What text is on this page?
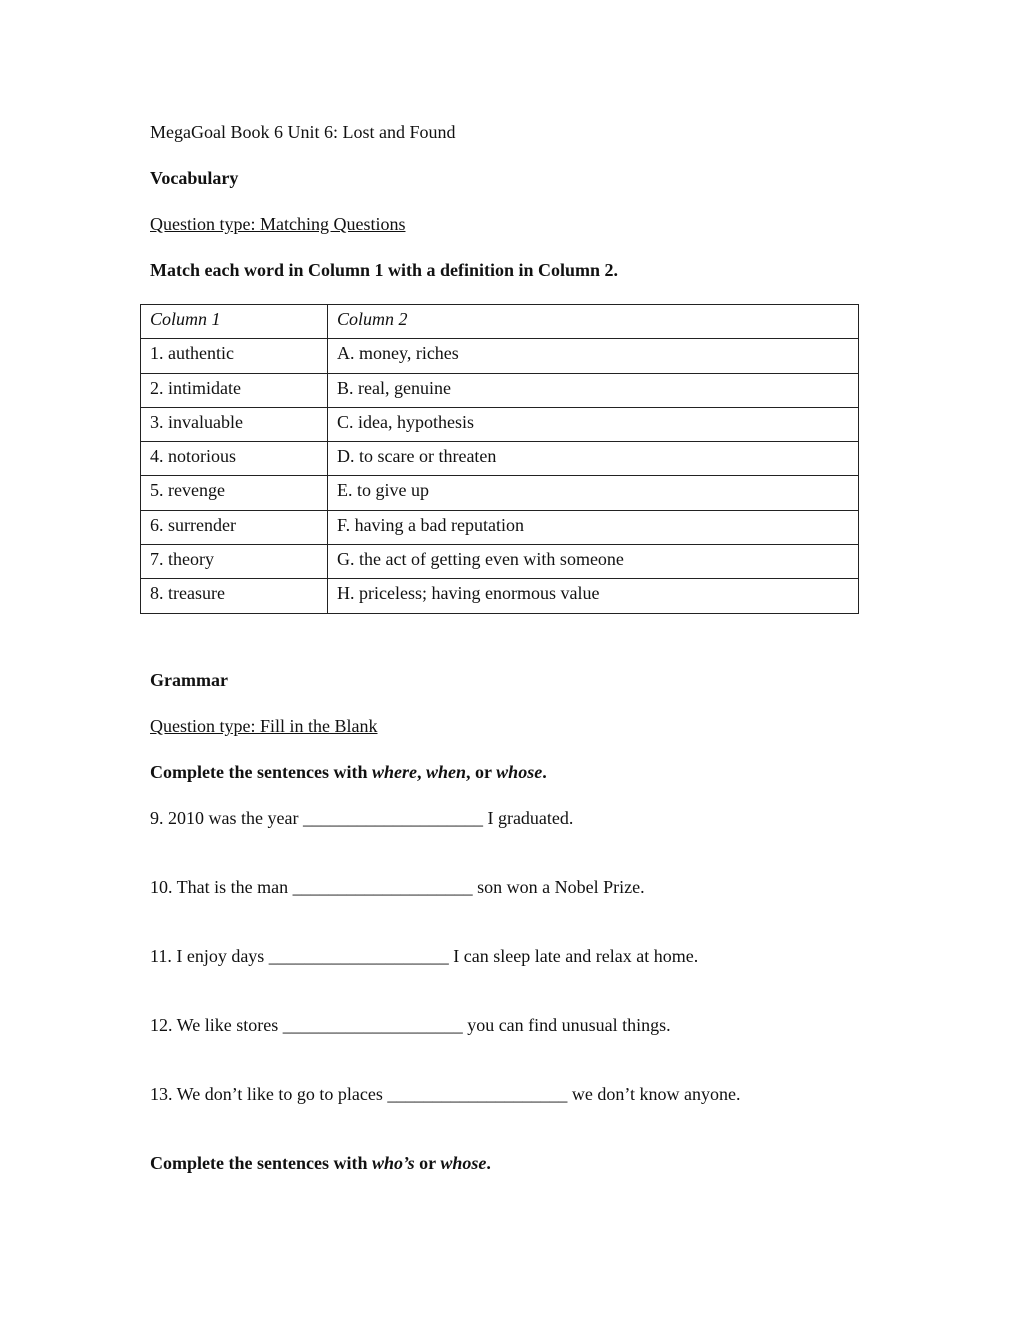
MegaGoal Book 6 Unit 6: Lost and Found
Vocabulary
Question type: Matching Questions
Match each word in Column 1 with a definition in Column 2.
Column 1	Column 2
1. authentic	A. money, riches
2. intimidate	B. real, genuine
3. invaluable	C. idea, hypothesis
4. notorious	D. to scare or threaten
5. revenge	E. to give up
6. surrender	F. having a bad reputation
7. theory	G. the act of getting even with someone
8. treasure	H. priceless; having enormous value
Grammar
Question type: Fill in the Blank
Complete the sentences with where, when, or whose.
9. 2010 was the year ____________________ I graduated.
10. That is the man ____________________ son won a Nobel Prize.
11. I enjoy days ____________________ I can sleep late and relax at home.
12. We like stores ____________________ you can find unusual things.
13. We don’t like to go to places ____________________ we don’t know anyone.
Complete the sentences with who’s or whose.
